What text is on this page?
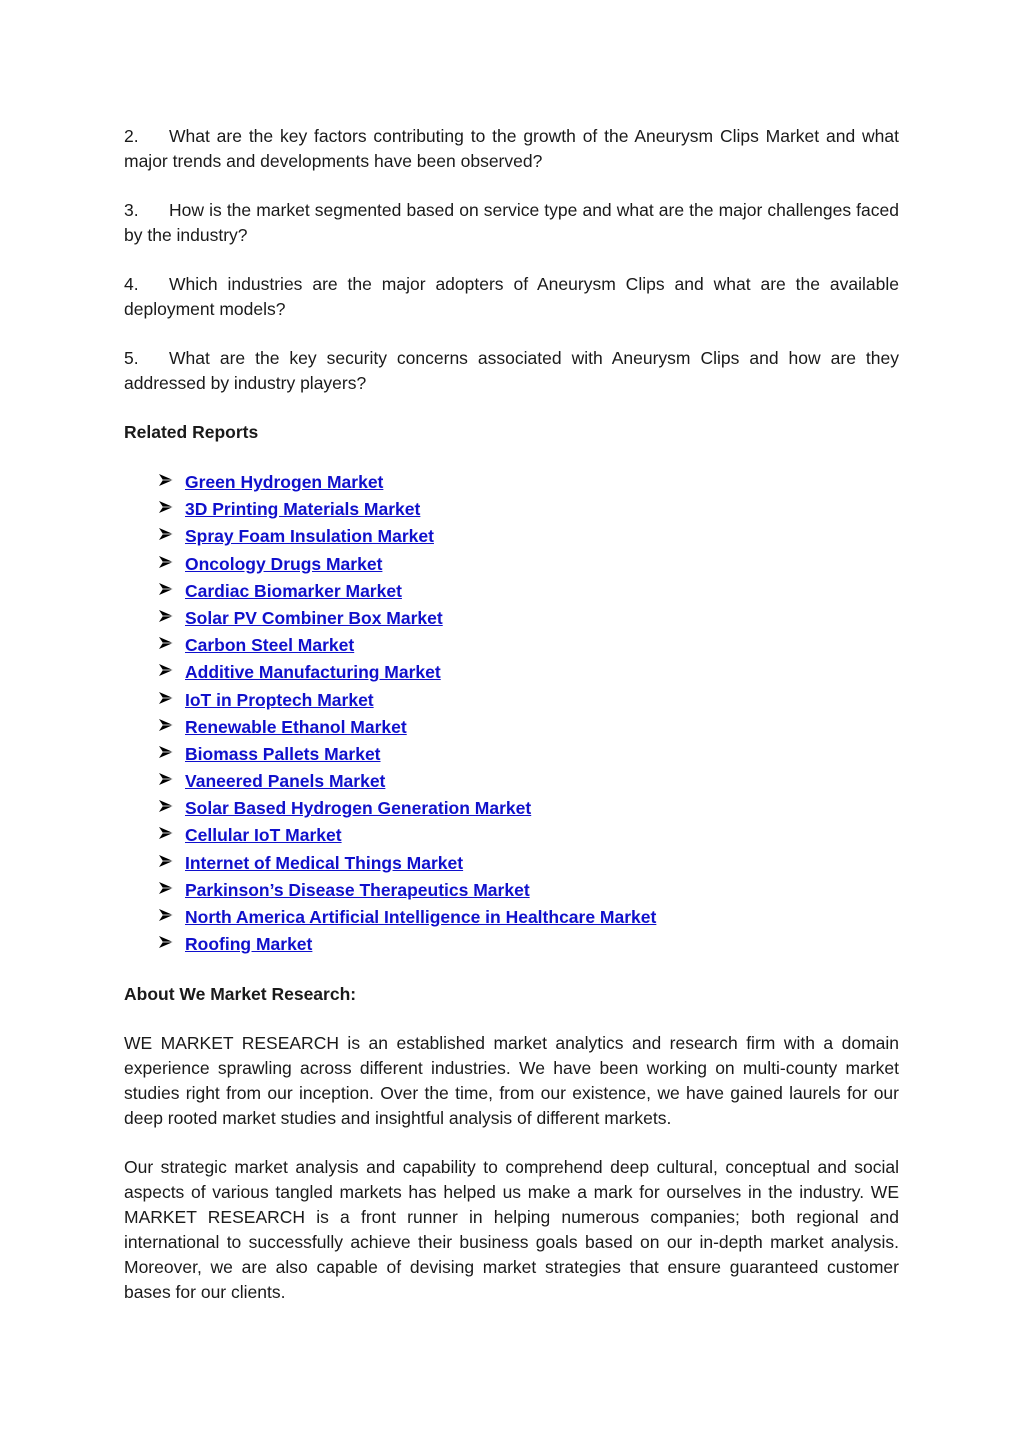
2. What are the key factors contributing to the growth of the Aneurysm Clips Market and what major trends and developments have been observed?

3. How is the market segmented based on service type and what are the major challenges faced by the industry?

4. Which industries are the major adopters of Aneurysm Clips and what are the available deployment models?

5. What are the key security concerns associated with Aneurysm Clips and how are they addressed by industry players?

Related Reports
Green Hydrogen Market
3D Printing Materials Market
Spray Foam Insulation Market
Oncology Drugs Market
Cardiac Biomarker Market
Solar PV Combiner Box Market
Carbon Steel Market
Additive Manufacturing Market
IoT in Proptech Market
Renewable Ethanol Market
Biomass Pallets Market
Vaneered Panels Market
Solar Based Hydrogen Generation Market
Cellular IoT Market
Internet of Medical Things Market
Parkinson’s Disease Therapeutics Market
North America Artificial Intelligence in Healthcare Market
Roofing Market
About We Market Research:

WE MARKET RESEARCH is an established market analytics and research firm with a domain experience sprawling across different industries. We have been working on multi-county market studies right from our inception. Over the time, from our existence, we have gained laurels for our deep rooted market studies and insightful analysis of different markets.

Our strategic market analysis and capability to comprehend deep cultural, conceptual and social aspects of various tangled markets has helped us make a mark for ourselves in the industry. WE MARKET RESEARCH is a front runner in helping numerous companies; both regional and international to successfully achieve their business goals based on our in-depth market analysis. Moreover, we are also capable of devising market strategies that ensure guaranteed customer bases for our clients.
